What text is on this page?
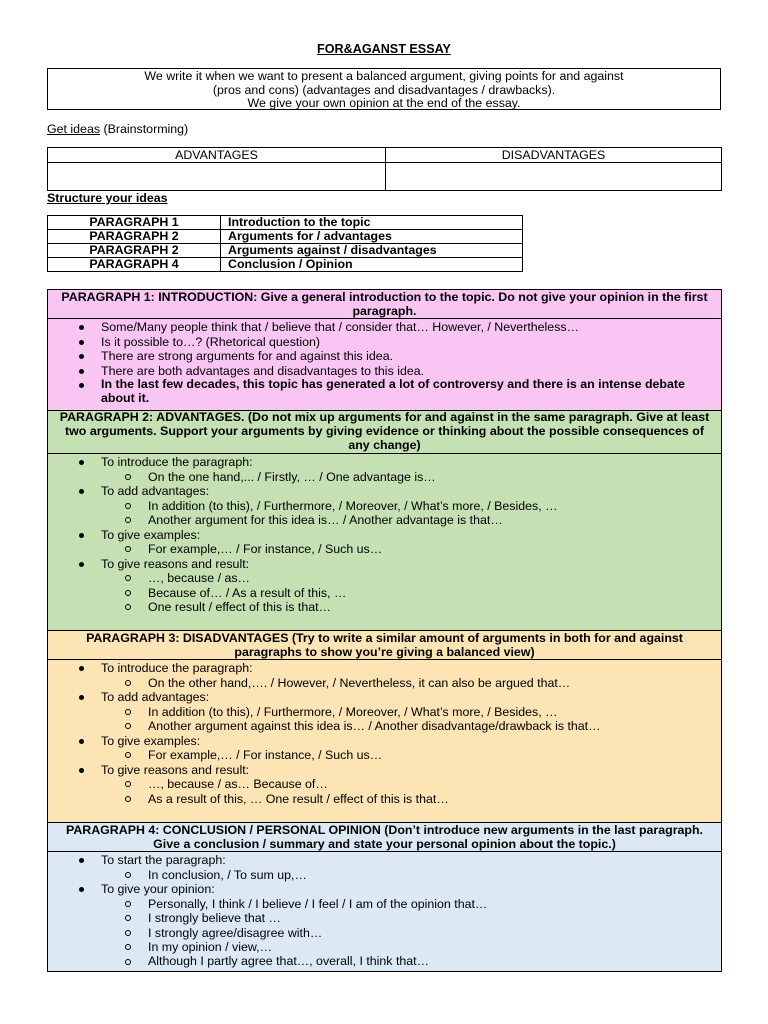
FOR&AGANST ESSAY
We write it when we want to present a balanced argument, giving points for and against
(pros and cons) (advantages and disadvantages / drawbacks).
We give your own opinion at the end of the essay.
Get ideas (Brainstorming)
ADVANTAGES	DISADVANTAGES

Structure your ideas
PARAGRAPH 1	Introduction to the topic
PARAGRAPH 2	Arguments for / advantages
PARAGRAPH 2	Arguments against / disadvantages
PARAGRAPH 4	Conclusion / Opinion
PARAGRAPH 1: INTRODUCTION: Give a general introduction to the topic. Do not give your opinion in the first paragraph.
Some/Many people think that / believe that / consider that… However, / Nevertheless…
Is it possible to…? (Rhetorical question)
There are strong arguments for and against this idea.
There are both advantages and disadvantages to this idea.
In the last few decades, this topic has generated a lot of controversy and there is an intense debate about it.
PARAGRAPH 2: ADVANTAGES. (Do not mix up arguments for and against in the same paragraph. Give at least two arguments. Support your arguments by giving evidence or thinking about the possible consequences of any change)
To introduce the paragraph:
On the one hand,... / Firstly, … / One advantage is…
To add advantages:
In addition (to this), / Furthermore, / Moreover, / What’s more, / Besides, …
Another argument for this idea is… / Another advantage is that…
To give examples:
For example,… / For instance, / Such us…
To give reasons and result:
…, because / as…
Because of… / As a result of this, …
One result / effect of this is that…
PARAGRAPH 3: DISADVANTAGES (Try to write a similar amount of arguments in both for and against paragraphs to show you’re giving a balanced view)
To introduce the paragraph:
On the other hand,…. / However, / Nevertheless, it can also be argued that…
To add advantages:
In addition (to this), / Furthermore, / Moreover, / What’s more, / Besides, …
Another argument against this idea is… / Another disadvantage/drawback is that…
To give examples:
For example,… / For instance, / Such us…
To give reasons and result:
…, because / as… Because of…
As a result of this, … One result / effect of this is that…
PARAGRAPH 4: CONCLUSION / PERSONAL OPINION (Don’t introduce new arguments in the last paragraph. Give a conclusion / summary and state your personal opinion about the topic.)
To start the paragraph:
In conclusion, / To sum up,…
To give your opinion:
Personally, I think / I believe / I feel / I am of the opinion that…
I strongly believe that …
I strongly agree/disagree with…
In my opinion / view,…
Although I partly agree that…, overall, I think that…
